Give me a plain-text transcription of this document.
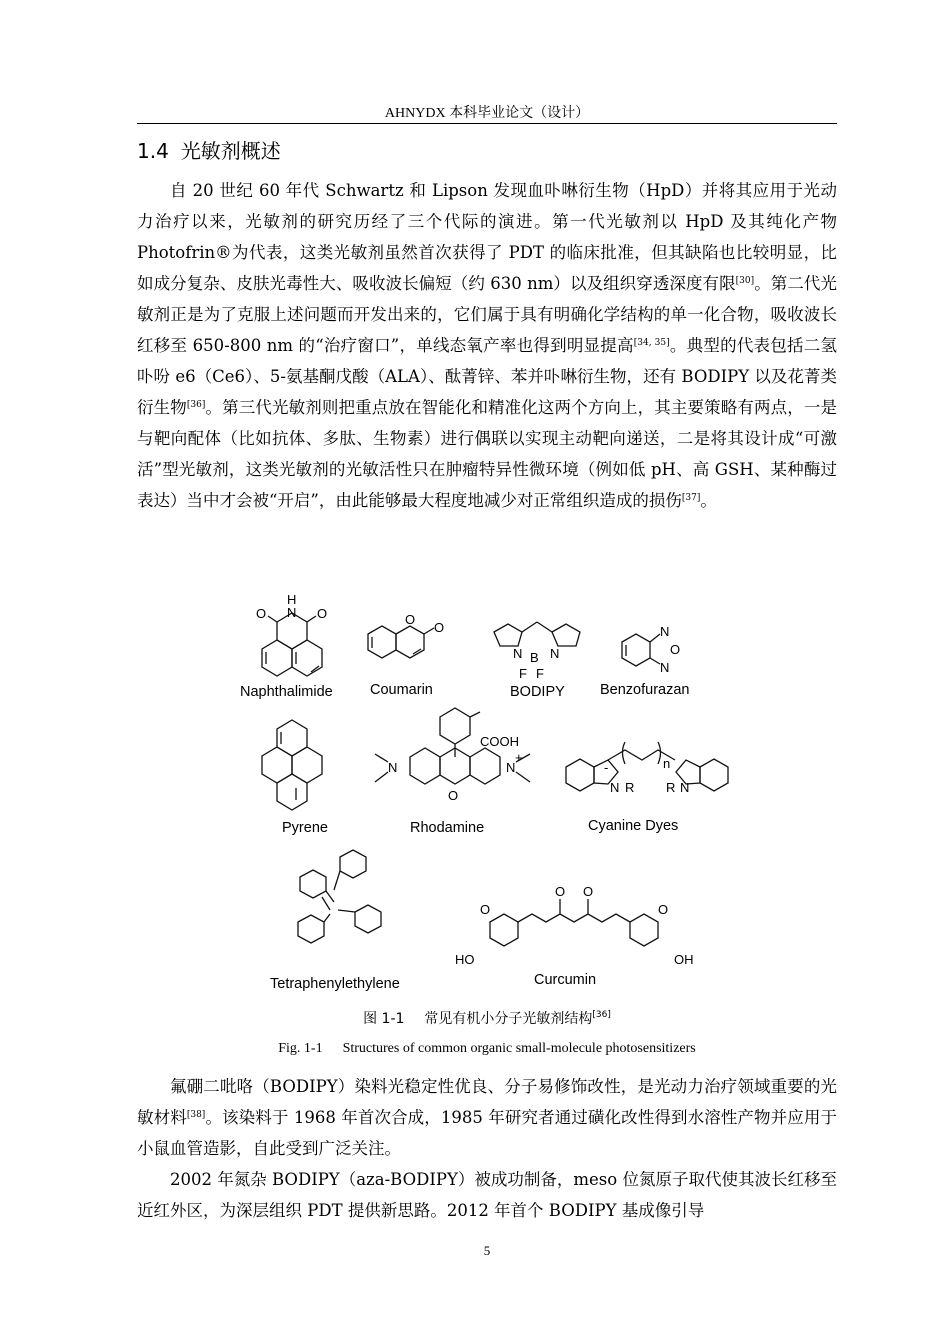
AHNYDX 本科毕业论文（设计）
1.4 光敏剂概述

自 20 世纪 60 年代 Schwartz 和 Lipson 发现血卟啉衍生物（HpD）并将其应用于光动力治疗以来，光敏剂的研究历经了三个代际的演进。第一代光敏剂以 HpD 及其纯化产物 Photofrin®为代表，这类光敏剂虽然首次获得了 PDT 的临床批准，但其缺陷也比较明显，比如成分复杂、皮肤光毒性大、吸收波长偏短（约 630 nm）以及组织穿透深度有限[30]。第二代光敏剂正是为了克服上述问题而开发出来的，它们属于具有明确化学结构的单一化合物，吸收波长红移至 650-800 nm 的“治疗窗口”，单线态氧产率也得到明显提高[34, 35]。典型的代表包括二氢卟吩 e6（Ce6）、5-氨基酮戊酸（ALA）、酞菁锌、苯并卟啉衍生物，还有 BODIPY 以及花菁类衍生物[36]。第三代光敏剂则把重点放在智能化和精准化这两个方向上，其主要策略有两点，一是与靶向配体（比如抗体、多肽、生物素）进行偶联以实现主动靶向递送，二是将其设计成“可激活”型光敏剂，这类光敏剂的光敏活性只在肿瘤特异性微环境（例如低 pH、高 GSH、某种酶过表达）当中才会被“开启”，由此能够最大程度地减少对正常组织造成的损伤[37]。

H
N
O	O
Naphthalimide
O
O
Coumarin
N N
B
F F
BODIPY
N
O
N
Benzofurazan
Pyrene
COOH
O
N	N
+
Rhodamine
n
N R	N
R
-
Cyanine Dyes
Tetraphenylethylene
O O
HO	OH
O	O
Curcumin
图 1-1 常见有机小分子光敏剂结构[36]
Fig. 1-1 Structures of common organic small-molecule photosensitizers

氟硼二吡咯（BODIPY）染料光稳定性优良、分子易修饰改性，是光动力治疗领域重要的光敏材料[38]。该染料于 1968 年首次合成，1985 年研究者通过磺化改性得到水溶性产物并应用于小鼠血管造影，自此受到广泛关注。

2002 年氮杂 BODIPY（aza-BODIPY）被成功制备，meso 位氮原子取代使其波长红移至近红外区，为深层组织 PDT 提供新思路。2012 年首个 BODIPY 基成像引导

5
